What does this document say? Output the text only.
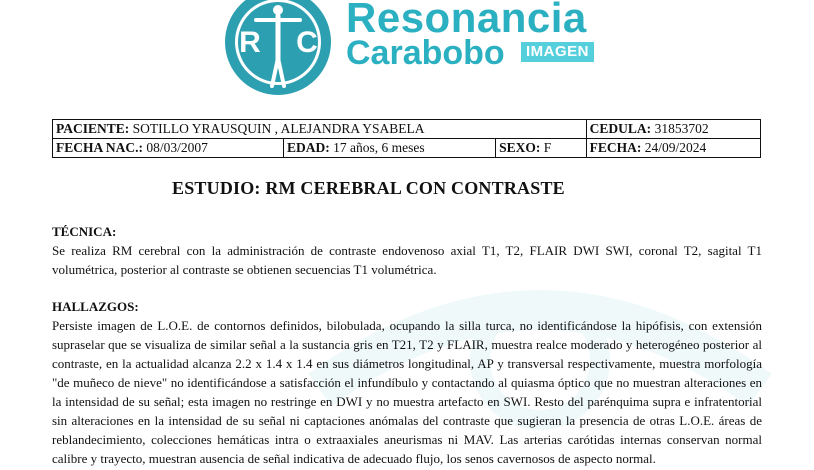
R C
Resonancia
Carabobo	IMAGEN
PACIENTE: SOTILLO YRAUSQUIN , ALEJANDRA YSABELA			CEDULA: 31853702
FECHA NAC.: 08/03/2007	EDAD: 17 años, 6 meses	SEXO: F	FECHA: 24/09/2024
ESTUDIO: RM CEREBRAL CON CONTRASTE
TÉCNICA:

Se realiza RM cerebral con la administración de contraste endovenoso axial T1, T2, FLAIR DWI SWI, coronal T2, sagital T1 volumétrica, posterior al contraste se obtienen secuencias T1 volumétrica.

HALLAZGOS:

Persiste imagen de L.O.E. de contornos definidos, bilobulada, ocupando la silla turca, no identificándose la hipófisis, con extensión supraselar que se visualiza de similar señal a la sustancia gris en T21, T2 y FLAIR, muestra realce moderado y heterogéneo posterior al contraste, en la actualidad alcanza 2.2 x 1.4 x 1.4 en sus diámetros longitudinal, AP y transversal respectivamente, muestra morfología "de muñeco de nieve" no identificándose a satisfacción el infundíbulo y contactando al quiasma óptico que no muestran alteraciones en la intensidad de su señal; esta imagen no restringe en DWI y no muestra artefacto en SWI. Resto del parénquima supra e infratentorial sin alteraciones en la intensidad de su señal ni captaciones anómalas del contraste que sugieran la presencia de otras L.O.E. áreas de reblandecimiento, colecciones hemáticas intra o extraaxiales aneurismas ni MAV. Las arterias carótidas internas conservan normal calibre y trayecto, muestran ausencia de señal indicativa de adecuado flujo, los senos cavernosos de aspecto normal.
